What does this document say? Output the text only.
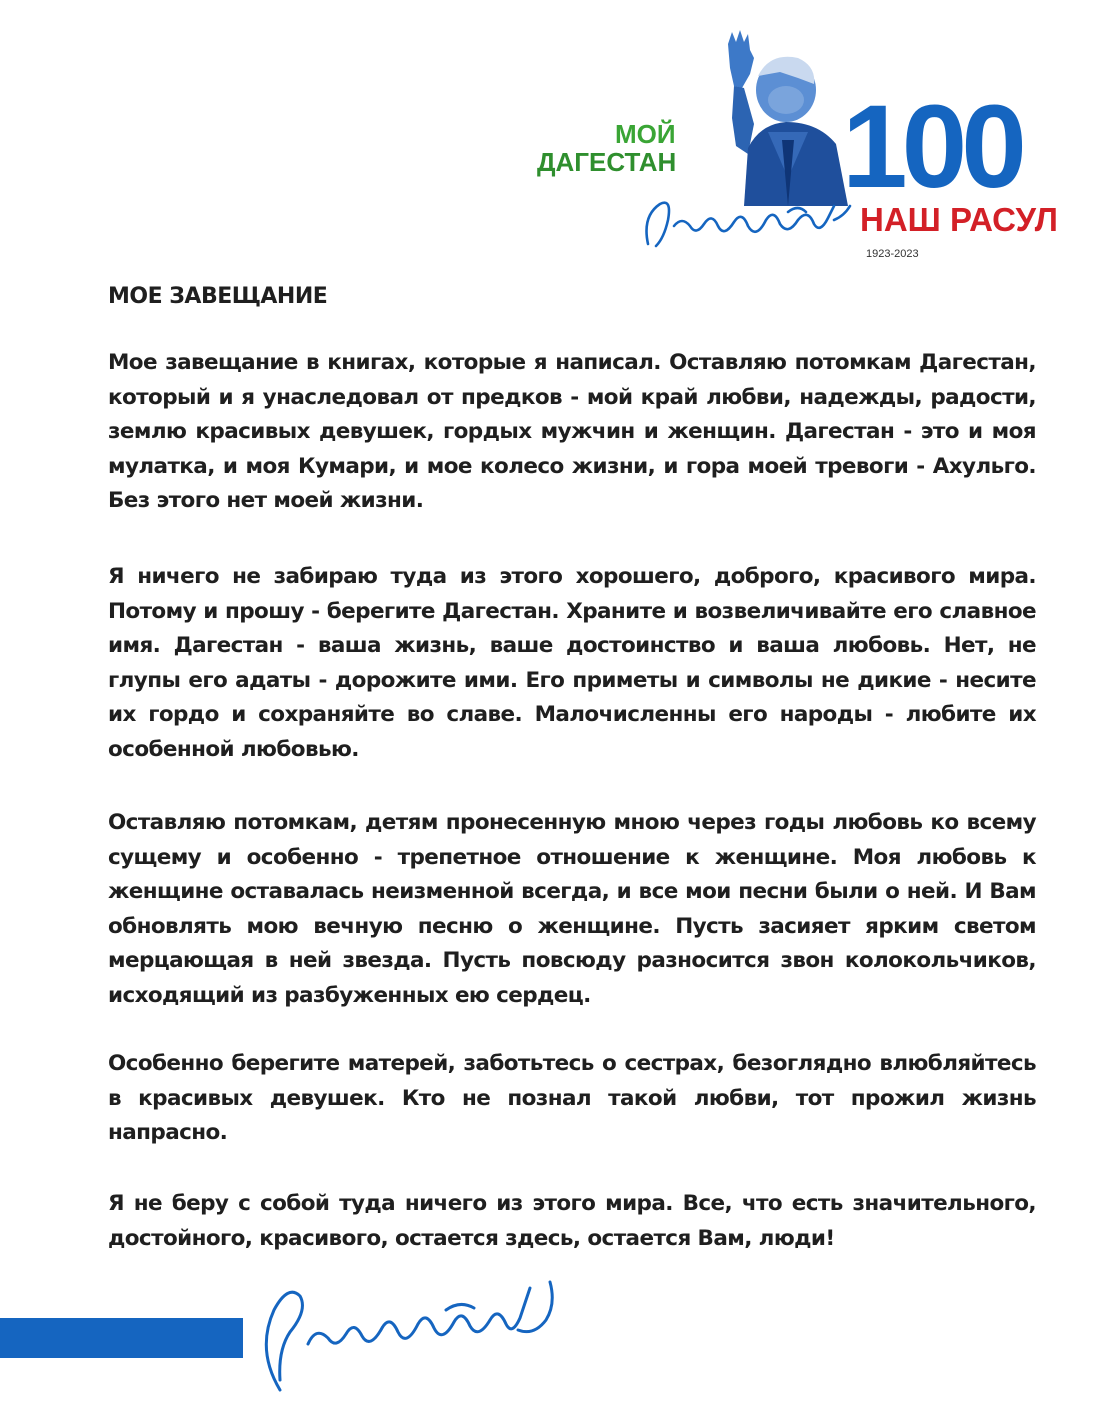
МОЙ
ДАГЕСТАН 100
НАШ РАСУЛ
1923-2023
МОЕ ЗАВЕЩАНИЕ

Мое завещание в книгах, которые я написал. Оставляю потомкам Дагестан, который и я унаследовал от предков - мой край любви, надежды, радости, землю красивых девушек, гордых мужчин и женщин. Дагестан - это и моя мулатка, и моя Кумари, и мое колесо жизни, и гора моей тревоги - Ахульго. Без этого нет моей жизни.

Я ничего не забираю туда из этого хорошего, доброго, красивого мира. Потому и прошу - берегите Дагестан. Храните и возвеличивайте его славное имя. Дагестан - ваша жизнь, ваше достоинство и ваша любовь. Нет, не глупы его адаты - дорожите ими. Его приметы и символы не дикие - несите их гордо и сохраняйте во славе. Малочисленны его народы - любите их особенной любовью.

Оставляю потомкам, детям пронесенную мною через годы любовь ко всему сущему и особенно - трепетное отношение к женщине. Моя любовь к женщине оставалась неизменной всегда, и все мои песни были о ней. И Вам обновлять мою вечную песню о женщине. Пусть засияет ярким светом мерцающая в ней звезда. Пусть повсюду разносится звон колокольчиков, исходящий из разбуженных ею сердец.

Особенно берегите матерей, заботьтесь о сестрах, безоглядно влюбляйтесь в красивых девушек. Кто не познал такой любви, тот прожил жизнь напрасно.

Я не беру с собой туда ничего из этого мира. Все, что есть значительного, достойного, красивого, остается здесь, остается Вам, люди!
